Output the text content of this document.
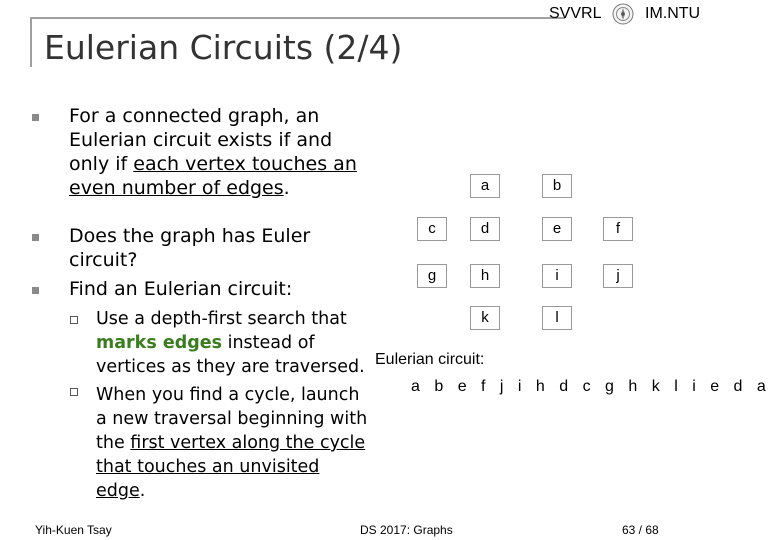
SVVRL	IM.NTU
Eulerian Circuits (2/4)
For a connected graph, an
Eulerian circuit exists if and
only if each vertex touches an
even number of edges.
Does the graph has Euler
circuit?
Find an Eulerian circuit:
Use a depth-first search that
marks edges instead of
vertices as they are traversed.
When you find a cycle, launch
a new traversal beginning with
the first vertex along the cycle
that touches an unvisited
edge.
a	b
c	d	e	f
g	h	i	j
k	l
Eulerian circuit:
a b e f j i h d c g h k l i e d a
Yih-Kuen Tsay	DS 2017: Graphs	63 / 68
